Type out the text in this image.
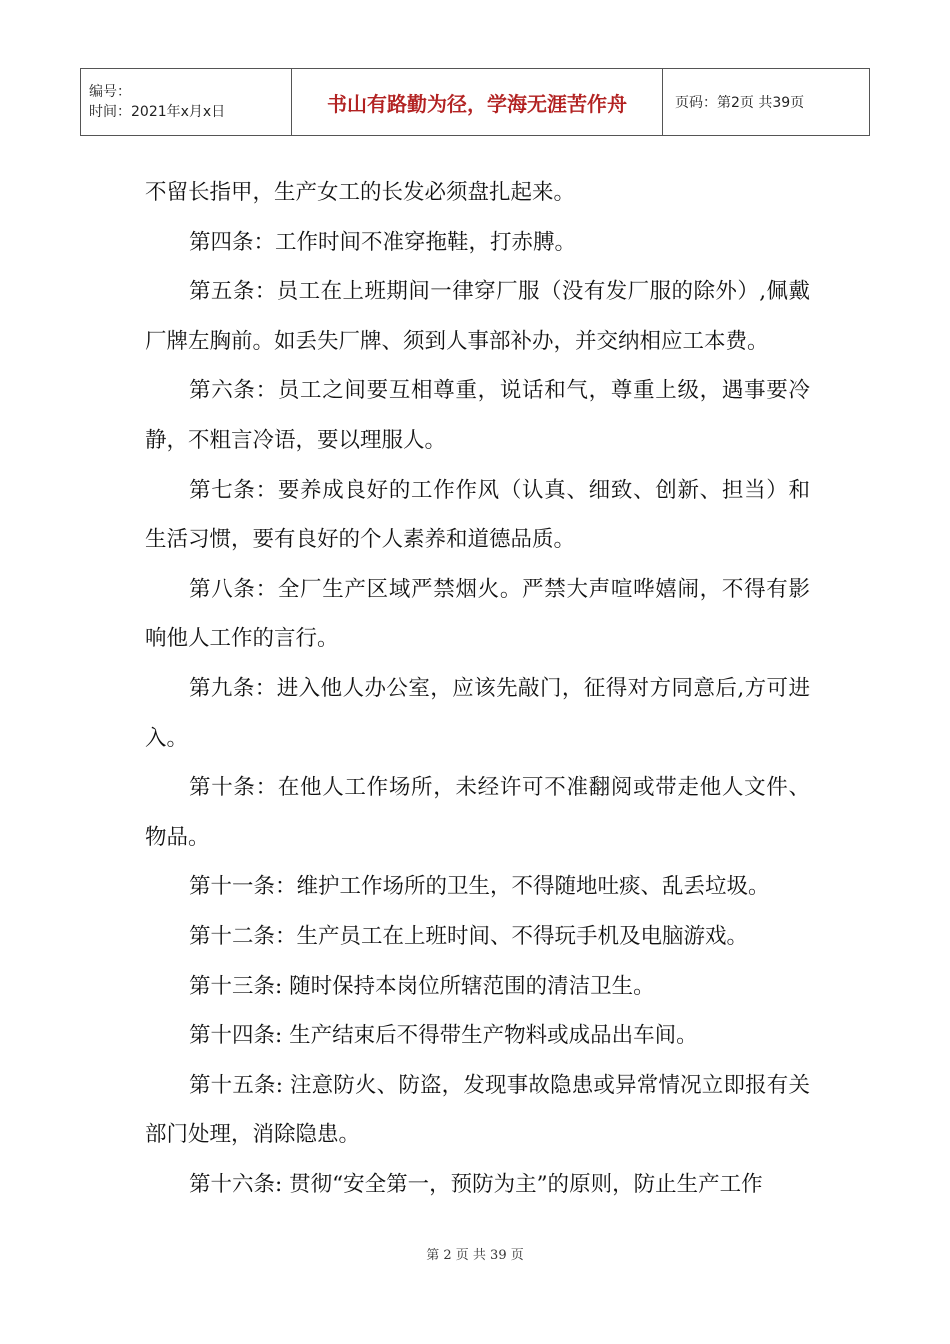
编号：
时间：2021年x月x日	书山有路勤为径，学海无涯苦作舟	页码：第2页 共39页

不留长指甲，生产女工的长发必须盘扎起来。

第四条：工作时间不准穿拖鞋，打赤膊。

第五条：员工在上班期间一律穿厂服（没有发厂服的除外）,佩戴厂牌左胸前。如丢失厂牌、须到人事部补办，并交纳相应工本费。

第六条：员工之间要互相尊重，说话和气，尊重上级，遇事要冷静，不粗言冷语，要以理服人。

第七条：要养成良好的工作作风（认真、细致、创新、担当）和生活习惯，要有良好的个人素养和道德品质。

第八条：全厂生产区域严禁烟火。严禁大声喧哗嬉闹，不得有影响他人工作的言行。

第九条：进入他人办公室，应该先敲门，征得对方同意后,方可进入。

第十条：在他人工作场所，未经许可不准翻阅或带走他人文件、物品。

第十一条：维护工作场所的卫生，不得随地吐痰、乱丢垃圾。

第十二条：生产员工在上班时间、不得玩手机及电脑游戏。

第十三条: 随时保持本岗位所辖范围的清洁卫生。

第十四条: 生产结束后不得带生产物料或成品出车间。

第十五条: 注意防火、防盗，发现事故隐患或异常情况立即报有关部门处理，消除隐患。

第十六条: 贯彻“安全第一，预防为主”的原则，防止生产工作

第 2 页 共 39 页
